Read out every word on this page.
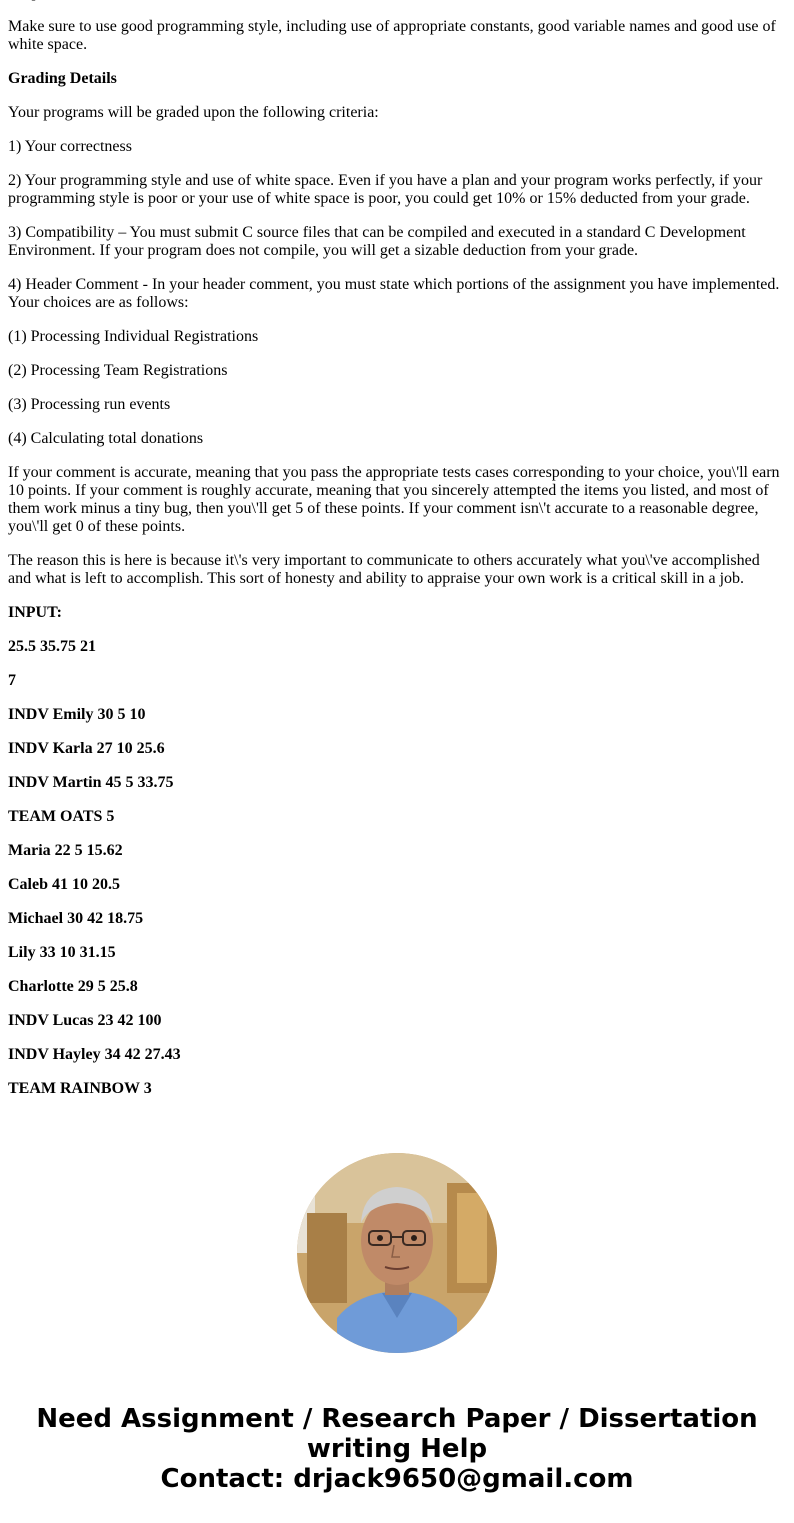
Make sure to use good programming style, including use of appropriate constants, good variable names and good use of white space.

Grading Details

Your programs will be graded upon the following criteria:

1) Your correctness

2) Your programming style and use of white space. Even if you have a plan and your program works perfectly, if your programming style is poor or your use of white space is poor, you could get 10% or 15% deducted from your grade.

3) Compatibility – You must submit C source files that can be compiled and executed in a standard C Development Environment. If your program does not compile, you will get a sizable deduction from your grade.

4) Header Comment - In your header comment, you must state which portions of the assignment you have implemented. Your choices are as follows:

(1) Processing Individual Registrations

(2) Processing Team Registrations

(3) Processing run events

(4) Calculating total donations

If your comment is accurate, meaning that you pass the appropriate tests cases corresponding to your choice, you\'ll earn 10 points. If your comment is roughly accurate, meaning that you sincerely attempted the items you listed, and most of them work minus a tiny bug, then you\'ll get 5 of these points. If your comment isn\'t accurate to a reasonable degree, you\'ll get 0 of these points.

The reason this is here is because it\'s very important to communicate to others accurately what you\'ve accomplished and what is left to accomplish. This sort of honesty and ability to appraise your own work is a critical skill in a job.

INPUT:

25.5 35.75 21

7

INDV Emily 30 5 10

INDV Karla 27 10 25.6

INDV Martin 45 5 33.75

TEAM OATS 5

Maria 22 5 15.62

Caleb 41 10 20.5

Michael 30 42 18.75

Lily 33 10 31.15

Charlotte 29 5 25.8

INDV Lucas 23 42 100

INDV Hayley 34 42 27.43

TEAM RAINBOW 3

Need Assignment / Research Paper / Dissertation
writing Help
Contact: drjack9650@gmail.com
